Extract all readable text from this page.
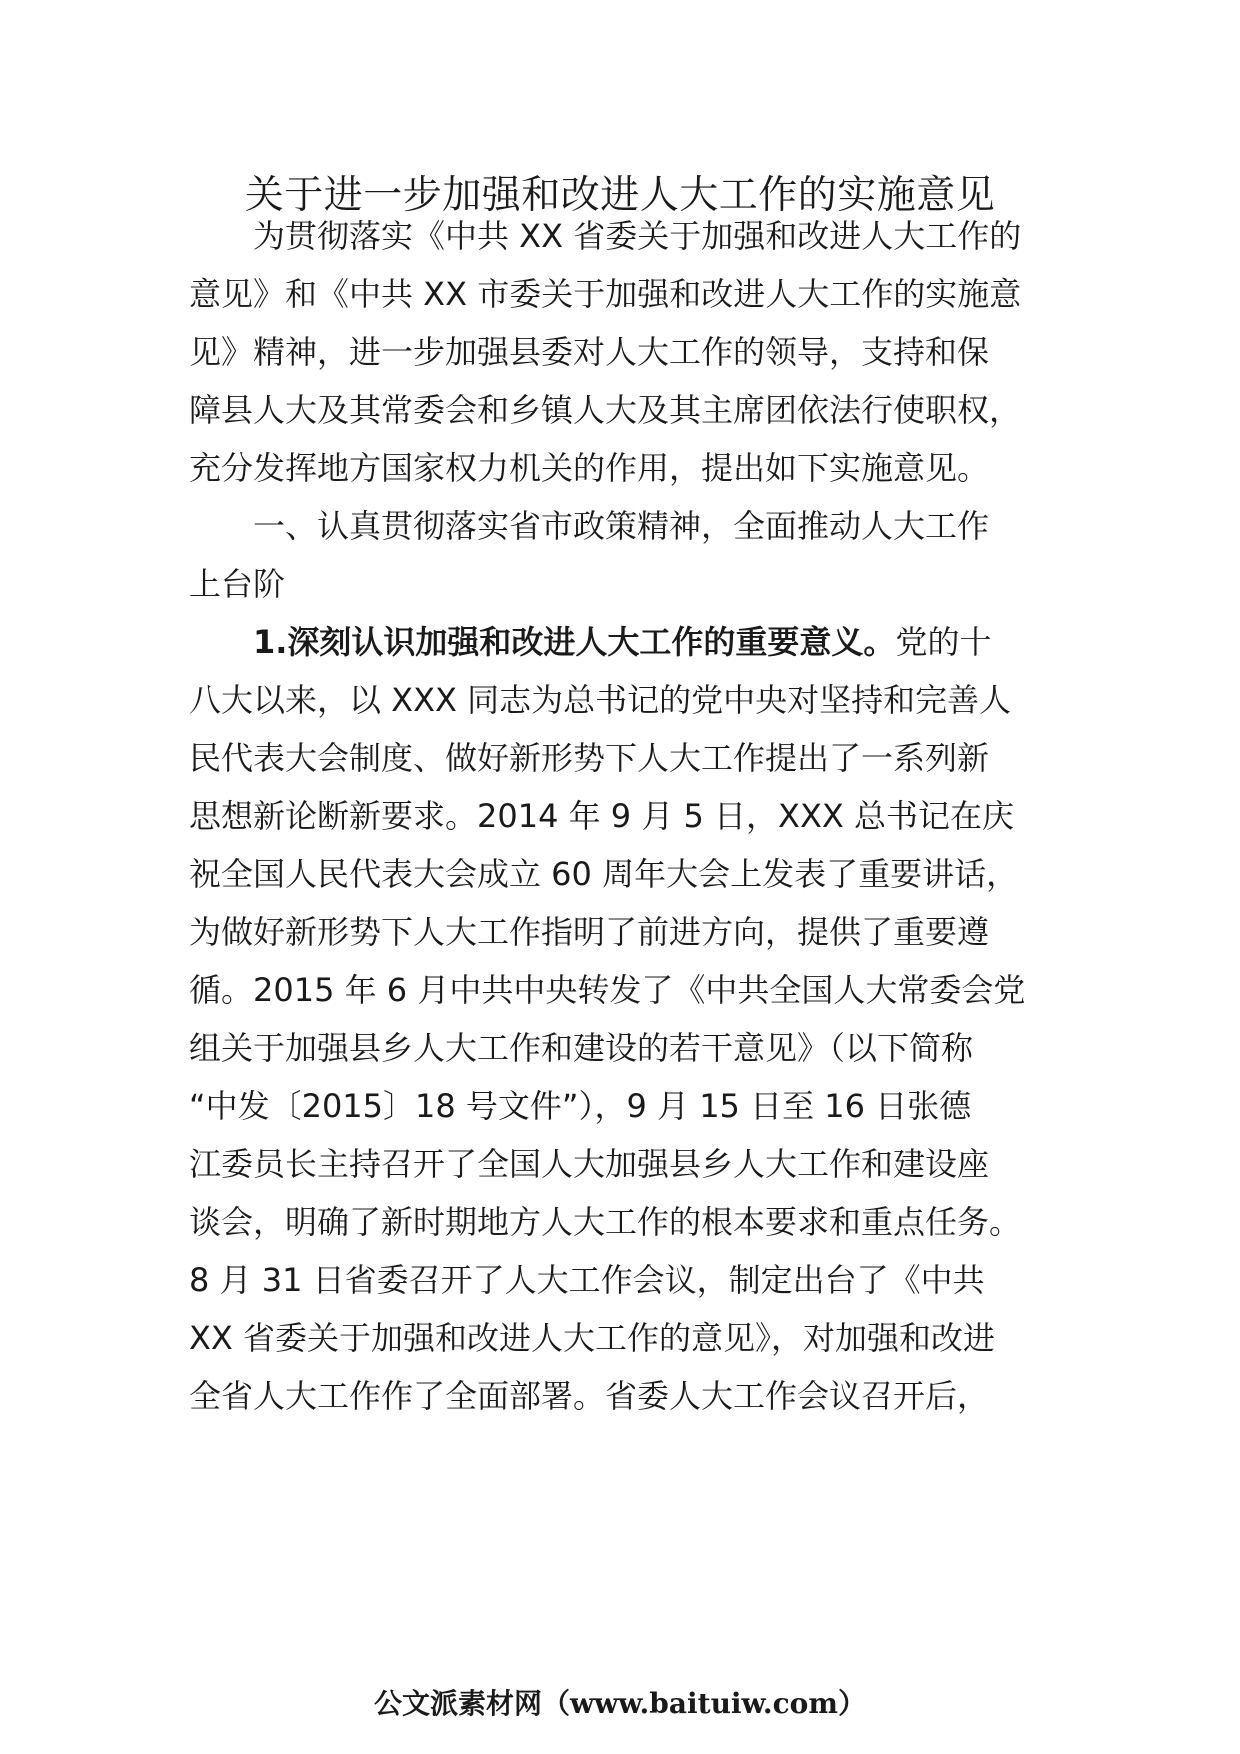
关于进一步加强和改进人大工作的实施意见

为贯彻落实《中共 XX 省委关于加强和改进人大工作的

意见》和《中共 XX 市委关于加强和改进人大工作的实施意

见》精神，进一步加强县委对人大工作的领导，支持和保

障县人大及其常委会和乡镇人大及其主席团依法行使职权，

充分发挥地方国家权力机关的作用，提出如下实施意见。

一、认真贯彻落实省市政策精神，全面推动人大工作

上台阶

1.深刻认识加强和改进人大工作的重要意义。党的十

八大以来，以 XXX 同志为总书记的党中央对坚持和完善人

民代表大会制度、做好新形势下人大工作提出了一系列新

思想新论断新要求。2014 年 9 月 5 日，XXX 总书记在庆

祝全国人民代表大会成立 60 周年大会上发表了重要讲话，

为做好新形势下人大工作指明了前进方向，提供了重要遵

循。2015 年 6 月中共中央转发了《中共全国人大常委会党

组关于加强县乡人大工作和建设的若干意见》（以下简称

“中发〔2015〕18 号文件”），9 月 15 日至 16 日张德

江委员长主持召开了全国人大加强县乡人大工作和建设座

谈会，明确了新时期地方人大工作的根本要求和重点任务。

8 月 31 日省委召开了人大工作会议，制定出台了《中共

XX 省委关于加强和改进人大工作的意见》，对加强和改进

全省人大工作作了全面部署。省委人大工作会议召开后，

公文派素材网（www.baituiw.com）
